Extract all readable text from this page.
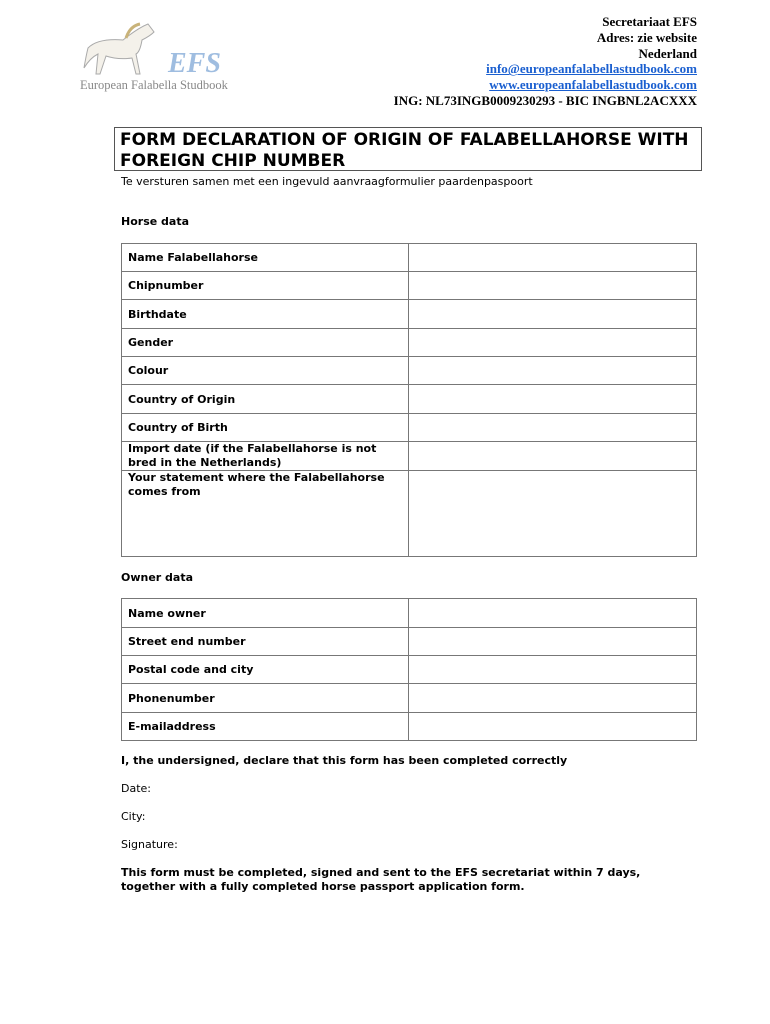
EFS
European Falabella Studbook
Secretariaat EFS
Adres: zie website
Nederland
info@europeanfalabellastudbook.com
www.europeanfalabellastudbook.com
ING: NL73INGB0009230293 - BIC INGBNL2ACXXX
FORM DECLARATION OF ORIGIN OF FALABELLAHORSE WITH FOREIGN CHIP NUMBER
Te versturen samen met een ingevuld aanvraagformulier paardenpaspoort
Horse data
Name Falabellahorse	
Chipnumber	
Birthdate	
Gender	
Colour	
Country of Origin	
Country of Birth	
Import date (if the Falabellahorse is not bred in the Netherlands)	
Your statement where the Falabellahorse comes from	
Owner data
Name owner	
Street end number	
Postal code and city	
Phonenumber	
E-mailaddress	
I, the undersigned, declare that this form has been completed correctly
Date:
City:
Signature:
This form must be completed, signed and sent to the EFS secretariat within 7 days, together with a fully completed horse passport application form.
